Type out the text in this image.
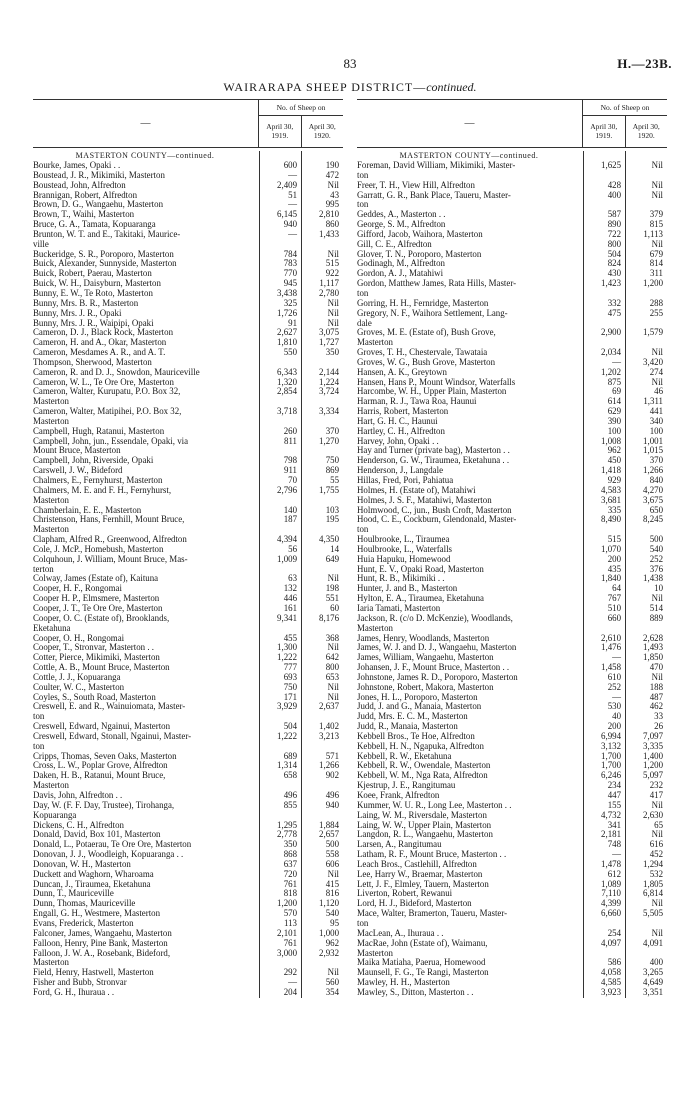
83	H.—23B.
WAIRARAPA SHEEP DISTRICT—continued.
—
No. of Sheep on
April 30, 1919.
April 30, 1920.
MASTERTON COUNTY—continued.
Bourke, James, Opaki . .
Boustead, J. R., Mikimiki, Masterton
Boustead, John, Alfredton
Brannigan, Robert, Alfredton
Brown, D. G., Wangaehu, Masterton
Brown, T., Waihi, Masterton
Bruce, G. A., Tamata, Kopuaranga
Brunton, W. T. and E., Takitaki, Maurice-
ville
Buckeridge, S. R., Poroporo, Masterton
Buick, Alexander, Sunnyside, Masterton
Buick, Robert, Paerau, Masterton
Buick, W. H., Daisyburn, Masterton
Bunny, E. W., Te Roto, Masterton
Bunny, Mrs. B. R., Masterton
Bunny, Mrs. J. R., Opaki
Bunny, Mrs. J. R., Waipipi, Opaki
Cameron, D. J., Black Rock, Masterton
Cameron, H. and A., Okar, Masterton
Cameron, Mesdames A. R., and A. T.
Thompson, Sherwood, Masterton
Cameron, R. and D. J., Snowdon, Mauriceville
Cameron, W. L., Te Ore Ore, Masterton
Cameron, Walter, Kurupatu, P.O. Box 32,
Masterton
Cameron, Walter, Matipihei, P.O. Box 32,
Masterton
Campbell, Hugh, Ratanui, Masterton
Campbell, John, jun., Essendale, Opaki, via
Mount Bruce, Masterton
Campbell, John, Riverside, Opaki
Carswell, J. W., Bideford
Chalmers, E., Fernyhurst, Masterton
Chalmers, M. E. and F. H., Fernyhurst,
Masterton
Chamberlain, E. E., Masterton
Christenson, Hans, Fernhill, Mount Bruce,
Masterton
Clapham, Alfred R., Greenwood, Alfredton
Cole, J. McP., Homebush, Masterton
Colquhoun, J. William, Mount Bruce, Mas-
terton
Colway, James (Estate of), Kaituna
Cooper, H. F., Rongomai
Cooper H. P., Elmsmere, Masterton
Cooper, J. T., Te Ore Ore, Masterton
Cooper, O. C. (Estate of), Brooklands,
Eketahuna
Cooper, O. H., Rongomai
Cooper, T., Stronvar, Masterton . .
Cotter, Pierce, Mikimiki, Masterton
Cottle, A. B., Mount Bruce, Masterton
Cottle, J. J., Kopuaranga
Coulter, W. C., Masterton
Coyles, S., South Road, Masterton
Creswell, E. and R., Wainuiomata, Master-
ton
Creswell, Edward, Ngainui, Masterton
Creswell, Edward, Stonall, Ngainui, Master-
ton
Cripps, Thomas, Seven Oaks, Masterton
Cross, L. W., Poplar Grove, Alfredton
Daken, H. B., Ratanui, Mount Bruce,
Masterton
Davis, John, Alfredton . .
Day, W. (F. F. Day, Trustee), Tirohanga,
Kopuaranga
Dickens, C. H., Alfredton
Donald, David, Box 101, Masterton
Donald, L., Potaerau, Te Ore Ore, Masterton
Donovan, J. J., Woodleigh, Kopuaranga . .
Donovan, W. H., Masterton
Duckett and Waghorn, Wharoama
Duncan, J., Tiraumea, Eketahuna
Dunn, T., Mauriceville
Dunn, Thomas, Mauriceville
Engall, G. H., Westmere, Masterton
Evans, Frederick, Masterton
Falconer, James, Wangaehu, Masterton
Falloon, Henry, Pine Bank, Masterton
Falloon, J. W. A., Rosebank, Bideford,
Masterton
Field, Henry, Hastwell, Masterton
Fisher and Bubb, Stronvar
Ford, G. H., Ihuraua . .
600
—
2,409
51
—
6,145
940
—
784
783
770
945
3,438
325
1,726
91
2,627
1,810
550
6,343
1,320
2,854
3,718
260
811
798
911
70
2,796
140
187
4,394
56
1,009
63
132
446
161
9,341
455
1,300
1,222
777
693
750
171
3,929
504
1,222
689
1,314
658
496
855
1,295
2,778
350
868
637
720
761
818
1,200
570
113
2,101
761
3,000
292
—
204
190
472
Nil
43
995
2,810
860
1,433
Nil
515
922
1,117
2,780
Nil
Nil
Nil
3,075
1,727
350
2,144
1,224
3,724
3,334
370
1,270
750
869
55
1,755
103
195
4,350
14
649
Nil
198
551
60
8,176
368
Nil
642
800
653
Nil
Nil
2,637
1,402
3,213
571
1,266
902
496
940
1,884
2,657
500
558
606
Nil
415
816
1,120
540
95
1,000
962
2,932
Nil
560
354
—
No. of Sheep on
April 30, 1919.
April 30, 1920.
MASTERTON COUNTY—continued.
Foreman, David William, Mikimiki, Master-
ton
Freer, T. H., View Hill, Alfredton
Garratt, G. R., Bank Place, Taueru, Master-
ton
Geddes, A., Masterton . .
George, S. M., Alfredton
Gifford, Jacob, Waihora, Masterton
Gill, C. E., Alfredton
Glover, T. N., Poroporo, Masterton
Godinagh, M., Alfredton
Gordon, A. J., Matahiwi
Gordon, Matthew James, Rata Hills, Master-
ton
Gorring, H. H., Fernridge, Masterton
Gregory, N. F., Waihora Settlement, Lang-
dale
Groves, M. E. (Estate of), Bush Grove,
Masterton
Groves, T. H., Chestervale, Tawataia
Groves, W. G., Bush Grove, Masterton
Hansen, A. K., Greytown
Hansen, Hans P., Mount Windsor, Waterfalls
Harcombe, W. H., Upper Plain, Masterton
Harman, R. J., Tawa Roa, Haunui
Harris, Robert, Masterton
Hart, G. H. C., Haunui
Hartley, C. H., Alfredton
Harvey, John, Opaki . .
Hay and Turner (private bag), Masterton . .
Henderson, G. W., Tiraumea, Eketahuna . .
Henderson, J., Langdale
Hillas, Fred, Pori, Pahiatua
Holmes, H. (Estate of), Matahiwi
Holmes, J. S. F., Matahiwi, Masterton
Holmwood, C., jun., Bush Croft, Masterton
Hood, C. E., Cockburn, Glendonald, Master-
ton
Houlbrooke, L., Tiraumea
Houlbrooke, L., Waterfalls
Huia Hapuku, Homewood
Hunt, E. V., Opaki Road, Masterton
Hunt, R. B., Mikimiki . .
Hunter, J. and B., Masterton
Hylton, E. A., Tiraumea, Eketahuna
Iaria Tamati, Masterton
Jackson, R. (c/o D. McKenzie), Woodlands,
Masterton
James, Henry, Woodlands, Masterton
James, W. J. and D. J., Wangaehu, Masterton
James, William, Wangaehu, Masterton
Johansen, J. F., Mount Bruce, Masterton . .
Johnstone, James R. D., Poroporo, Masterton
Johnstone, Robert, Makora, Masterton
Jones, H. L., Poroporo, Masterton
Judd, J. and G., Manaia, Masterton
Judd, Mrs. E. C. M., Masterton
Judd, R., Manaia, Masterton
Kebbell Bros., Te Hoe, Alfredton
Kebbell, H. N., Ngapuka, Alfredton
Kebbell, R. W., Eketahuna
Kebbell, R. W., Owendale, Masterton
Kebbell, W. M., Nga Rata, Alfredton
Kjestrup, J. E., Rangitumau
Koee, Frank, Alfredton
Kummer, W. U. R., Long Lee, Masterton . .
Laing, W. M., Riversdale, Masterton
Laing, W. W., Upper Plain, Masterton
Langdon, R. L., Wangaehu, Masterton
Larsen, A., Rangitumau
Latham, R. F., Mount Bruce, Masterton . .
Leach Bros., Castlehill, Alfredton
Lee, Harry W., Braemar, Masterton
Lett, J. F., Elmley, Tauern, Masterton
Liverton, Robert, Rewanui
Lord, H. J., Bideford, Masterton
Mace, Walter, Bramerton, Taueru, Master-
ton
MacLean, A., Ihuraua . .
MacRae, John (Estate of), Waimanu,
Masterton
Maika Matiaha, Paerua, Homewood
Maunsell, F. G., Te Rangi, Masterton
Mawley, H. H., Masterton
Mawley, S., Ditton, Masterton . .
1,625
428
400
587
890
722
800
504
824
430
1,423
332
475
2,900
2,034
—
1,202
875
69
614
629
390
100
1,008
962
450
1,418
929
4,583
3,681
335
8,490
515
1,070
200
435
1,840
64
767
510
660
2,610
1,476
—
1,458
610
252
—
530
40
200
6,994
3,132
1,700
1,700
6,246
234
447
155
4,732
341
2,181
748
—
1,478
612
1,089
7,110
4,399
6,660
254
4,097
586
4,058
4,585
3,923
Nil
Nil
Nil
379
815
1,113
Nil
679
814
311
1,200
288
255
1,579
Nil
3,420
274
Nil
46
1,311
441
340
100
1,001
1,015
370
1,266
840
4,270
3,675
650
8,245
500
540
252
376
1,438
10
Nil
514
889
2,628
1,493
1,850
470
Nil
188
487
462
33
26
7,097
3,335
1,400
1,200
5,097
232
417
Nil
2,630
65
Nil
616
452
1,294
532
1,805
6,814
Nil
5,505
Nil
4,091
400
3,265
4,649
3,351
